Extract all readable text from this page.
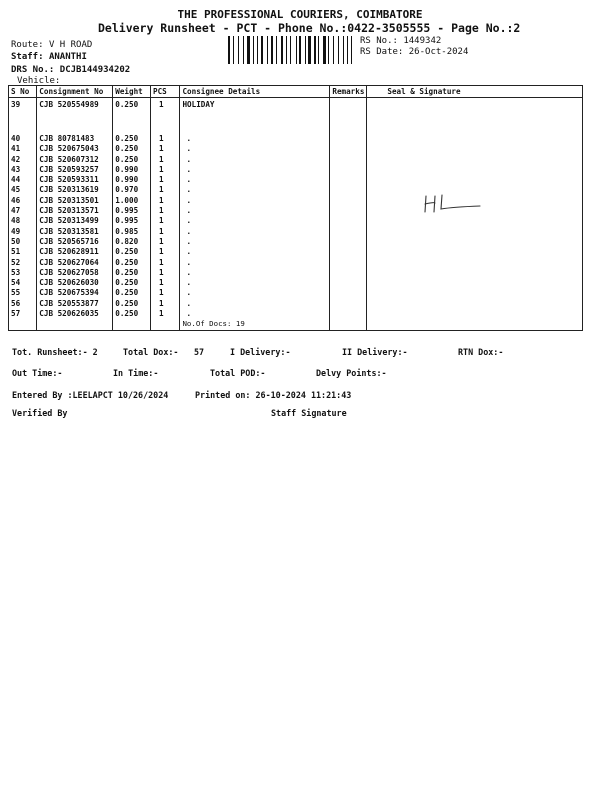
THE PROFESSIONAL COURIERS, COIMBATORE
Delivery Runsheet - PCT - Phone No.:0422-3505555 - Page No.:2
Route: V H ROAD
Staff: ANANTHI
DRS No.: DCJB144934202
Vehicle:
RS No.: 1449342
RS Date: 26-Oct-2024
S No	Consignment No	Weight	PCS	Consignee Details	Remarks	Seal & Signature
39	CJB 520554989	0.250	1	HOLIDAY		
40	CJB 80781483	0.250	1	.		
41	CJB 520675043	0.250	1	.		
42	CJB 520607312	0.250	1	.		
43	CJB 520593257	0.990	1	.		
44	CJB 520593311	0.990	1	.		
45	CJB 520313619	0.970	1	.		
46	CJB 520313501	1.000	1	.		
47	CJB 520313571	0.995	1	.		
48	CJB 520313499	0.995	1	.		
49	CJB 520313581	0.985	1	.		
50	CJB 520565716	0.820	1	.		
51	CJB 520628911	0.250	1	.		
52	CJB 520627064	0.250	1	.		
53	CJB 520627058	0.250	1	.		
54	CJB 520626030	0.250	1	.		
55	CJB 520675394	0.250	1	.		
56	CJB 520553877	0.250	1	.		
57	CJB 520626035	0.250	1	.		
				No.Of Docs: 19		
Tot. Runsheet:- 2	Total Dox:- 57	I Delivery:-	II Delivery:-	RTN Dox:-
Out Time:-	In Time:-	Total POD:-	Delvy Points:-
Entered By :LEELAPCT 10/26/2024	Printed on: 26-10-2024 11:21:43
Verified By	Staff Signature
